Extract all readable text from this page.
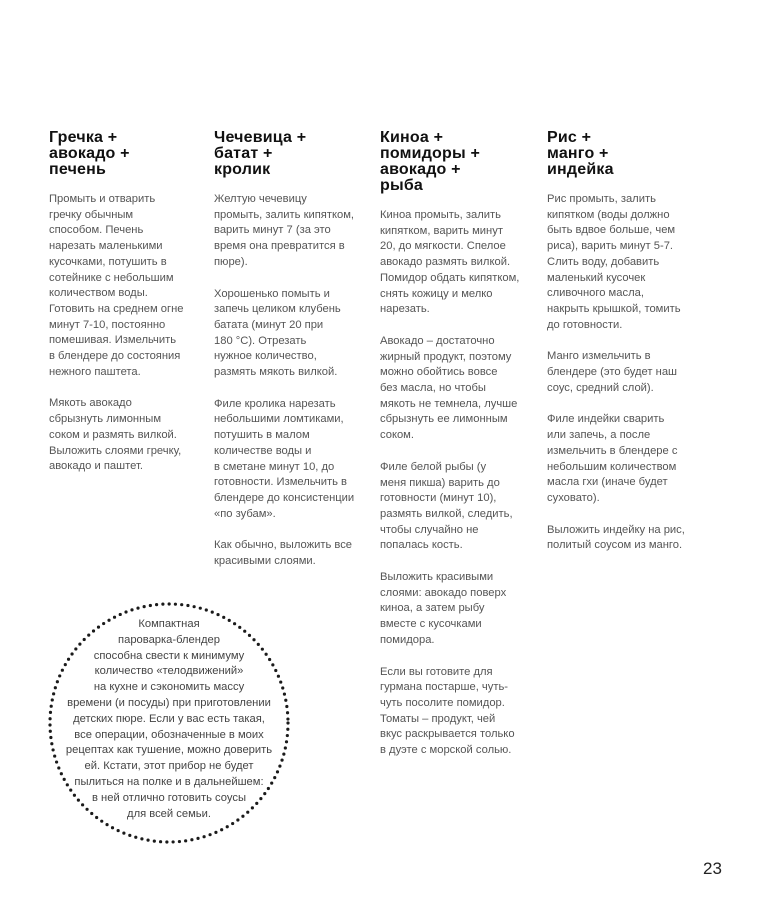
Гречка +
авокадо +
печень

Промыть и отварить
гречку обычным
способом. Печень
нарезать маленькими
кусочками, потушить в
сотейнике с небольшим
количеством воды.
Готовить на среднем огне
минут 7-10, постоянно
помешивая. Измельчить
в блендере до состояния
нежного паштета.

Мякоть авокадо
сбрызнуть лимонным
соком и размять вилкой.
Выложить слоями гречку,
авокадо и паштет.

Чечевица +
батат +
кролик

Желтую чечевицу
промыть, залить кипятком,
варить минут 7 (за это
время она превратится в
пюре).

Хорошенько помыть и
запечь целиком клубень
батата (минут 20 при
180 °C). Отрезать
нужное количество,
размять мякоть вилкой.

Филе кролика нарезать
небольшими ломтиками,
потушить в малом
количестве воды и
в сметане минут 10, до
готовности. Измельчить в
блендере до консистенции
«по зубам».

Как обычно, выложить все
красивыми слоями.

Киноа +
помидоры +
авокадо +
рыба

Киноа промыть, залить
кипятком, варить минут
20, до мягкости. Спелое
авокадо размять вилкой.
Помидор обдать кипятком,
снять кожицу и мелко
нарезать.

Авокадо – достаточно
жирный продукт, поэтому
можно обойтись вовсе
без масла, но чтобы
мякоть не темнела, лучше
сбрызнуть ее лимонным
соком.

Филе белой рыбы (у
меня пикша) варить до
готовности (минут 10),
размять вилкой, следить,
чтобы случайно не
попалась кость.

Выложить красивыми
слоями: авокадо поверх
киноа, а затем рыбу
вместе с кусочками
помидора.

Если вы готовите для
гурмана постарше, чуть-
чуть посолите помидор.
Томаты – продукт, чей
вкус раскрывается только
в дуэте с морской солью.

Рис +
манго +
индейка

Рис промыть, залить
кипятком (воды должно
быть вдвое больше, чем
риса), варить минут 5-7.
Слить воду, добавить
маленький кусочек
сливочного масла,
накрыть крышкой, томить
до готовности.

Манго измельчить в
блендере (это будет наш
соус, средний слой).

Филе индейки сварить
или запечь, а после
измельчить в блендере с
небольшим количеством
масла гхи (иначе будет
суховато).

Выложить индейку на рис,
политый соусом из манго.

Компактная
пароварка-блендер
способна свести к минимуму
количество «телодвижений»
на кухне и сэкономить массу
времени (и посуды) при приготовлении
детских пюре. Если у вас есть такая,
все операции, обозначенные в моих
рецептах как тушение, можно доверить
ей. Кстати, этот прибор не будет
пылиться на полке и в дальнейшем:
в ней отлично готовить соусы
для всей семьи.
23
